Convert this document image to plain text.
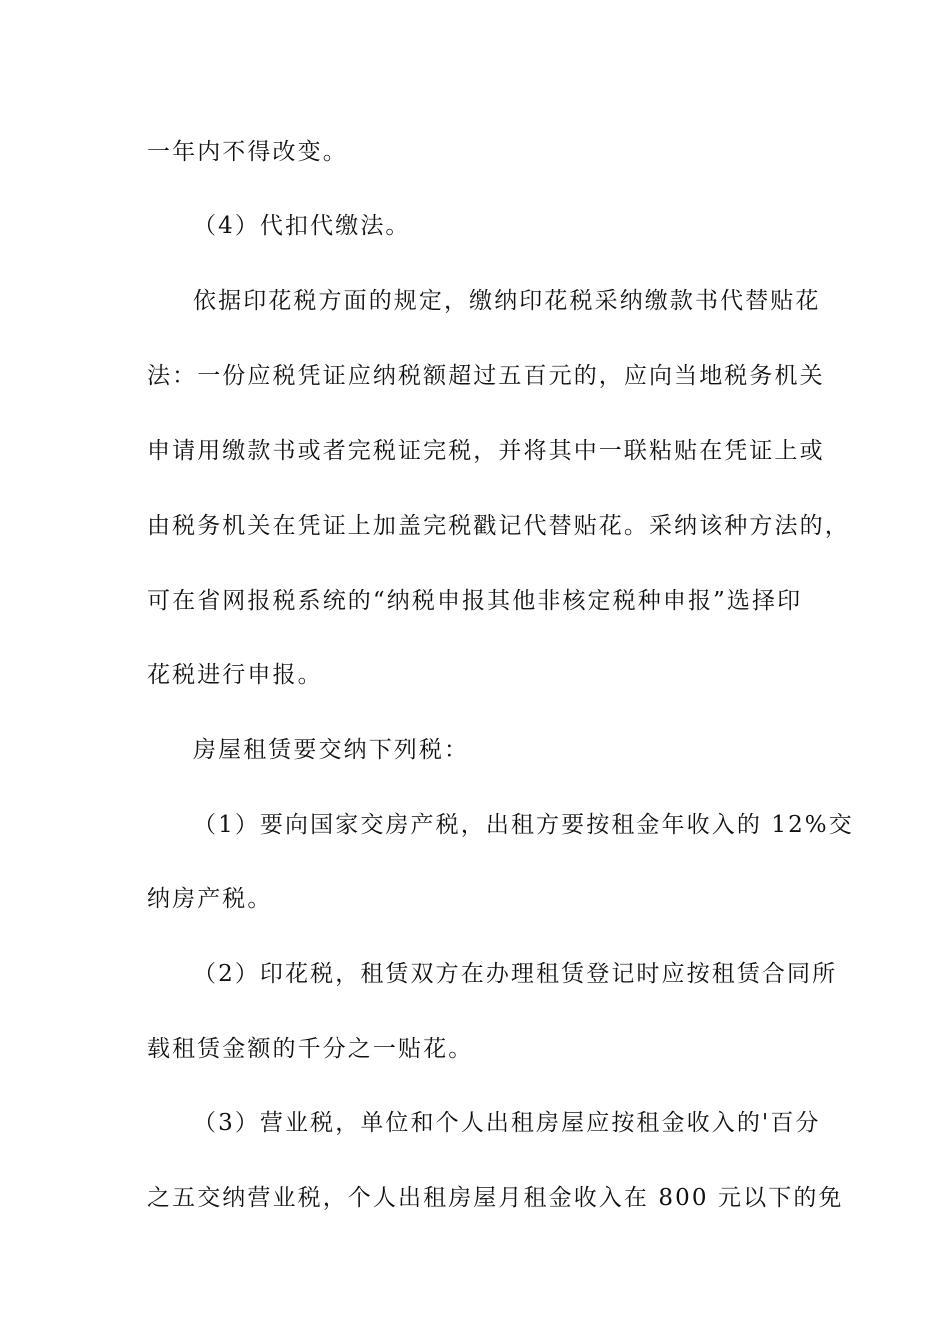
一年内不得改变。
（4）代扣代缴法。
依据印花税方面的规定，缴纳印花税采纳缴款书代替贴花
法：一份应税凭证应纳税额超过五百元的，应向当地税务机关
申请用缴款书或者完税证完税，并将其中一联粘贴在凭证上或
由税务机关在凭证上加盖完税戳记代替贴花。采纳该种方法的，
可在省网报税系统的“纳税申报其他非核定税种申报”选择印
花税进行申报。
房屋租赁要交纳下列税：
（1）要向国家交房产税，出租方要按租金年收入的 12%交
纳房产税。
（2）印花税，租赁双方在办理租赁登记时应按租赁合同所
载租赁金额的千分之一贴花。
（3）营业税，单位和个人出租房屋应按租金收入的'百分
之五交纳营业税，个人出租房屋月租金收入在 800 元以下的免
